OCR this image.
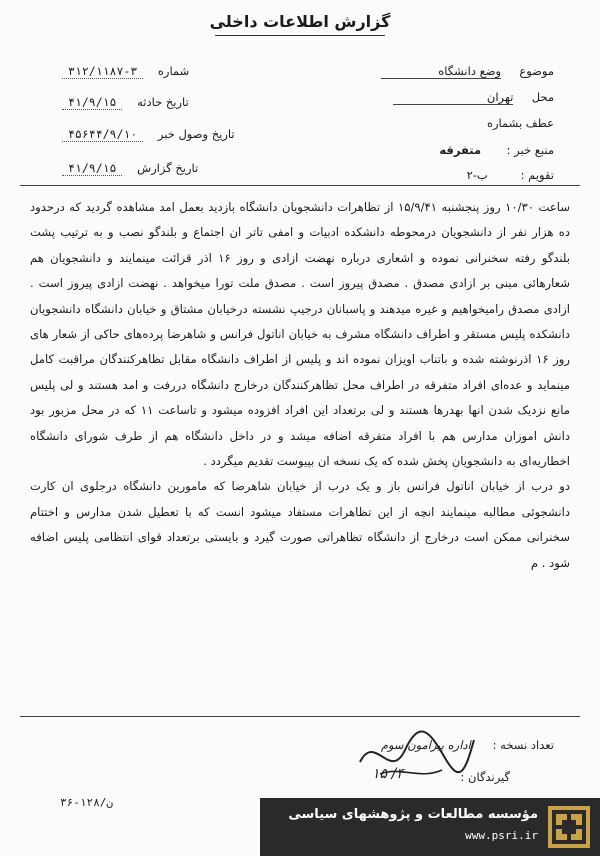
گزارش اطلاعات داخلی
موضوع     وضع دانشگاه
محل     تهران
عطف بشماره
منبع خبر :       متفرقه
تقویم :         ب-۲
شماره    ۳-۳۱۲/۱۱۸۷
تاریخ حادثه    ۴۱/۹/۱۵
تاریخ وصول خبر    ۴۵۶۴۴/۹/۱۰
تاریخ گزارش    ۴۱/۹/۱۵

ساعت ۱۰/۳۰ روز پنجشنبه ۱۵/۹/۴۱ از تظاهرات دانشجویان دانشگاه بازدید بعمل امد مشاهده گردید که درحدود ده هزار نفر از دانشجویان درمحوطه دانشکده ادبیات و امفی تاتر ان اجتماع و بلندگو نصب و به ترتیب پشت بلندگو رفته سخنرانی نموده و اشعاری درباره نهضت ازادی و روز ۱۶ اذر قرائت مینمایند و دانشجویان هم شعارهائی مبنی بر ازادی مصدق . مصدق پیروز است . مصدق ملت تورا میخواهد . نهضت ازادی پیروز است . ازادی مصدق رامیخواهیم و غیره میدهند و پاسبانان درجیپ نشسته درخیابان مشتاق و خیابان دانشگاه دانشجویان دانشکده پلیس مستقر و اطراف دانشگاه مشرف به خیابان اناتول فرانس و شاهرضا پرده‌های حاکی از شعار های روز ۱۶ اذرنوشته شده و باتناب اویزان نموده اند و پلیس از اطراف دانشگاه مقابل تظاهرکنندگان مراقبت کامل مینماید و عده‌ای افراد متفرقه در اطراف محل تظاهرکنندگان درخارج دانشگاه دررفت و امد هستند و لی پلیس مانع نزدیک شدن انها بهدرها هستند و لی برتعداد این افراد افزوده میشود و تاساعت ۱۱ که در محل مزبور بود دانش اموزان مدارس هم با افراد متفرقه اضافه میشد و در داخل دانشگاه هم از طرف شورای دانشگاه اخطاریه‌ای به دانشجویان پخش شده که یک نسخه ان بپیوست تقدیم میگردد .

دو درب از خیابان اناتول فرانس باز و یک درب از خیابان شاهرضا که مامورین دانشگاه درجلوی ان کارت دانشجوئی مطالبه مینمایند انچه از این تظاهرات مستفاد میشود انست که با تعطیل شدن مدارس و اختتام سخنرانی ممکن است درخارج از دانشگاه تظاهراتی صورت گیرد و بایستی برتعداد قوای انتظامی پلیس اضافه شود . م

تعداد نسخه :      اداره پیرامون سوم
گیرندگان :
۴/ ۱۵
۳۶-۱۲۸/ن
مؤسسه مطالعات و پژوهشهای سیاسی
www.psri.ir
